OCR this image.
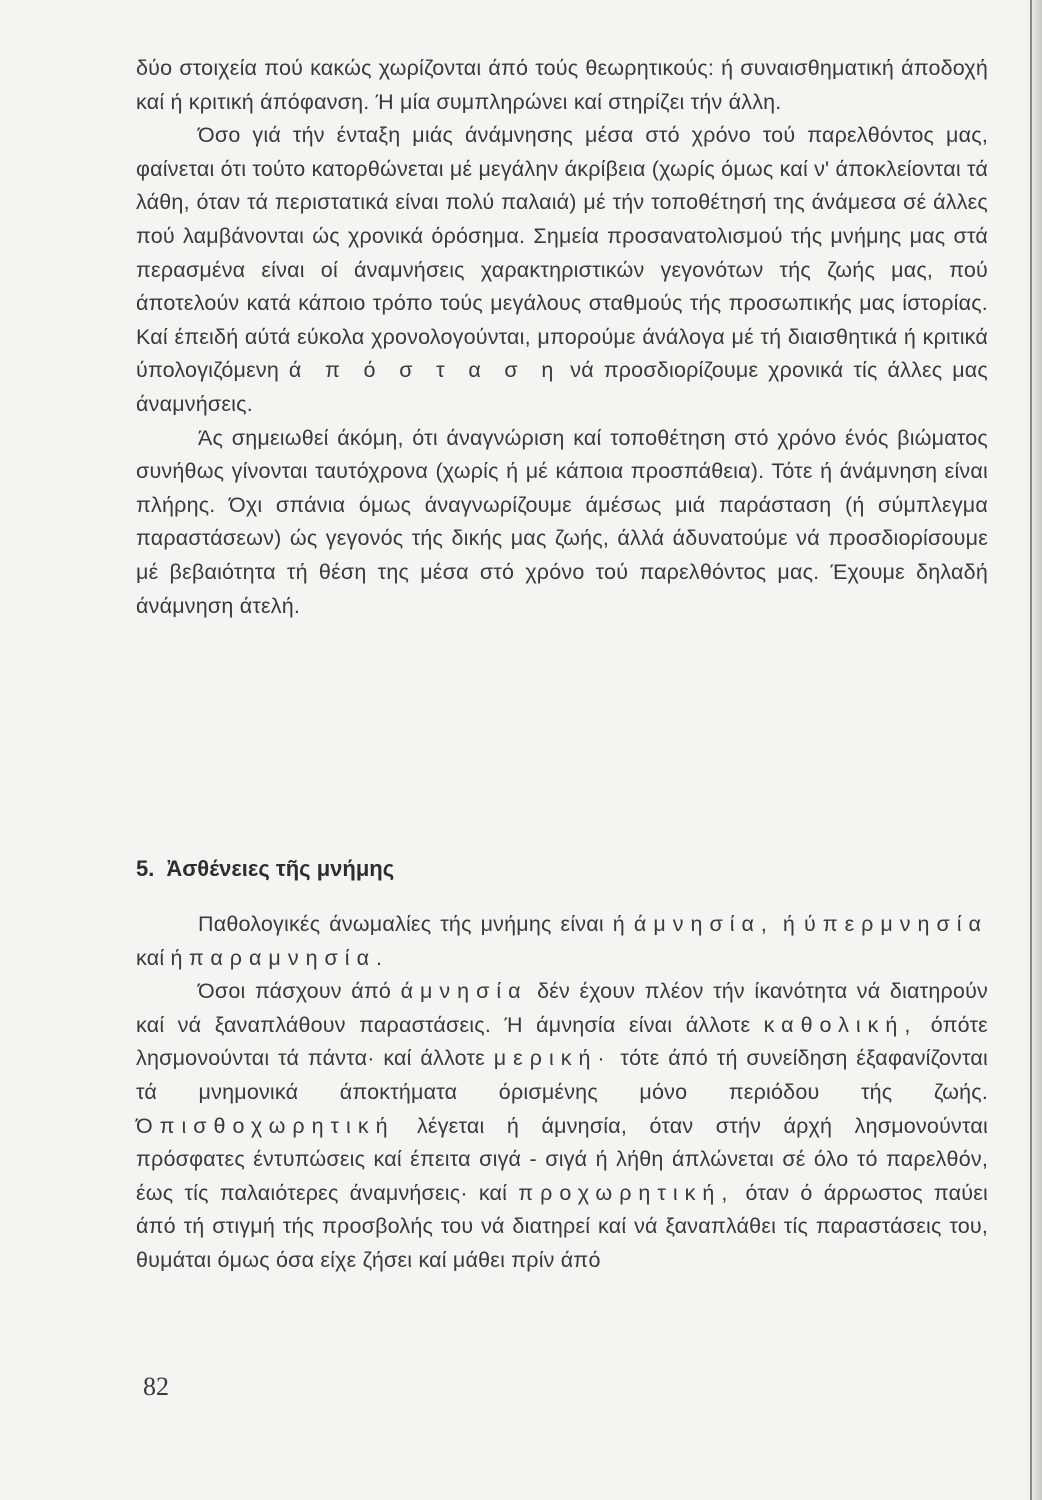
δύο στοιχεία πού κακώς χωρίζονται άπό τούς θεωρητικούς: ή συναισθηματική άποδοχή καί ή κριτική άπόφανση. Ή μία συμπληρώνει καί στηρίζει τήν άλλη.

Όσο γιά τήν ένταξη μιάς άνάμνησης μέσα στό χρόνο τού παρελθόντος μας, φαίνεται ότι τούτο κατορθώνεται μέ μεγάλην άκρίβεια (χωρίς όμως καί ν' άποκλείονται τά λάθη, όταν τά περιστατικά είναι πολύ παλαιά) μέ τήν τοποθέτησή της άνάμεσα σέ άλλες πού λαμβάνονται ώς χρονικά όρόσημα. Σημεία προσανατολισμού τής μνήμης μας στά περασμένα είναι οί άναμνήσεις χαρακτηριστικών γεγονότων τής ζωής μας, πού άποτελούν κατά κάποιο τρόπο τούς μεγάλους σταθμούς τής προσωπικής μας ίστορίας. Καί έπειδή αύτά εύκολα χρονολογούνται, μπορούμε άνάλογα μέ τή διαισθητικά ή κριτικά ύπολογιζόμενη ά π ό σ τ α σ η νά προσδιορίζουμε χρονικά τίς άλλες μας άναμνήσεις.

Άς σημειωθεί άκόμη, ότι άναγνώριση καί τοποθέτηση στό χρόνο ένός βιώματος συνήθως γίνονται ταυτόχρονα (χωρίς ή μέ κάποια προσπάθεια). Τότε ή άνάμνηση είναι πλήρης. Όχι σπάνια όμως άναγνωρίζουμε άμέσως μιά παράσταση (ή σύμπλεγμα παραστάσεων) ώς γεγονός τής δικής μας ζωής, άλλά άδυνατούμε νά προσδιορίσουμε μέ βεβαιότητα τή θέση της μέσα στό χρόνο τού παρελθόντος μας. Έχουμε δηλαδή άνάμνηση άτελή.

5. Ἀσθένειες τῆς μνήμης

Παθολογικές άνωμαλίες τής μνήμης είναι ή άμνησία, ή ύπερμνησία καί ή παραμνησία.

Όσοι πάσχουν άπό άμνησία δέν έχουν πλέον τήν ίκανότητα νά διατηρούν καί νά ξαναπλάθουν παραστάσεις. Ή άμνησία είναι άλλοτε καθολική, όπότε λησμονούνται τά πάντα· καί άλλοτε μερική· τότε άπό τή συνείδηση έξαφανίζονται τά μνημονικά άποκτήματα όρισμένης μόνο περιόδου τής ζωής. Όπισθοχωρητική λέγεται ή άμνησία, όταν στήν άρχή λησμονούνται πρόσφατες έντυπώσεις καί έπειτα σιγά - σιγά ή λήθη άπλώνεται σέ όλο τό παρελθόν, έως τίς παλαιότερες άναμνήσεις· καί προχωρητική, όταν ό άρρωστος παύει άπό τή στιγμή τής προσβολής του νά διατηρεί καί νά ξαναπλάθει τίς παραστάσεις του, θυμάται όμως όσα είχε ζήσει καί μάθει πρίν άπό

82
